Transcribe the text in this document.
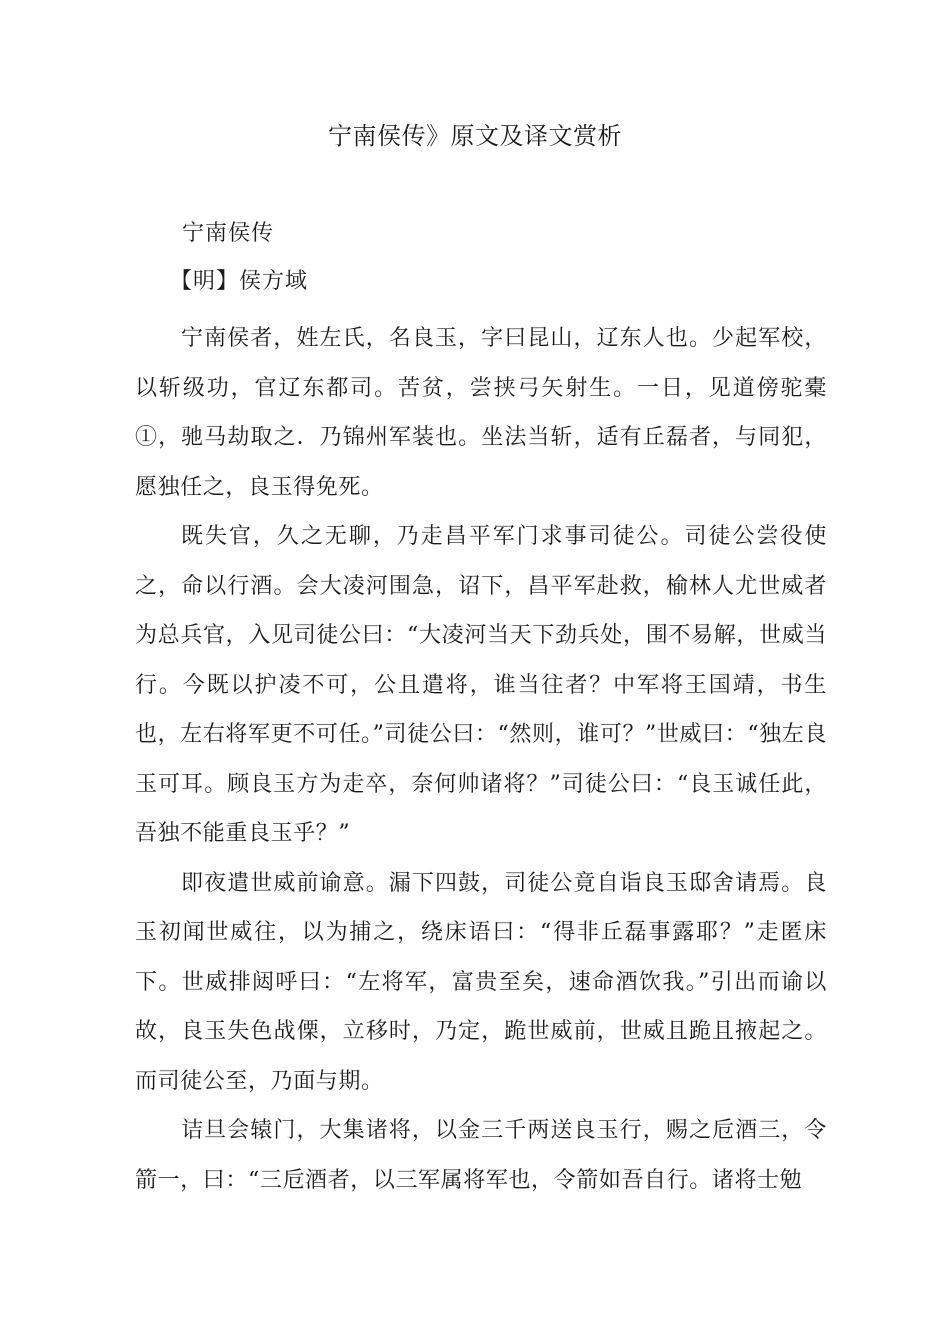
宁南侯传》原文及译文赏析
宁南侯传
【明】侯方域

宁南侯者，姓左氏，名良玉，字曰昆山，辽东人也。少起军校，以斩级功，官辽东都司。苦贫，尝挟弓矢射生。一日，见道傍驼橐①，驰马劫取之．乃锦州军装也。坐法当斩，适有丘磊者，与同犯，愿独任之，良玉得免死。

既失官，久之无聊，乃走昌平军门求事司徒公。司徒公尝役使之，命以行酒。会大凌河围急，诏下，昌平军赴救，榆林人尤世威者为总兵官，入见司徒公曰：“大凌河当天下劲兵处，围不易解，世威当行。今既以护凌不可，公且遣将，谁当往者？中军将王国靖，书生也，左右将军更不可任。”司徒公曰：“然则，谁可？”世威曰：“独左良玉可耳。顾良玉方为走卒，奈何帅诸将？”司徒公曰：“良玉诚任此，吾独不能重良玉乎？”

即夜遣世威前谕意。漏下四鼓，司徒公竟自诣良玉邸舍请焉。良玉初闻世威往，以为捕之，绕床语曰：“得非丘磊事露耶？”走匿床下。世威排闼呼曰：“左将军，富贵至矣，速命酒饮我。”引出而谕以故，良玉失色战傈，立移时，乃定，跪世威前，世威且跪且掖起之。而司徒公至，乃面与期。

诘旦会辕门，大集诸将，以金三千两送良玉行，赐之卮酒三，令箭一，曰：“三卮酒者，以三军属将军也，令箭如吾自行。诸将士勉
